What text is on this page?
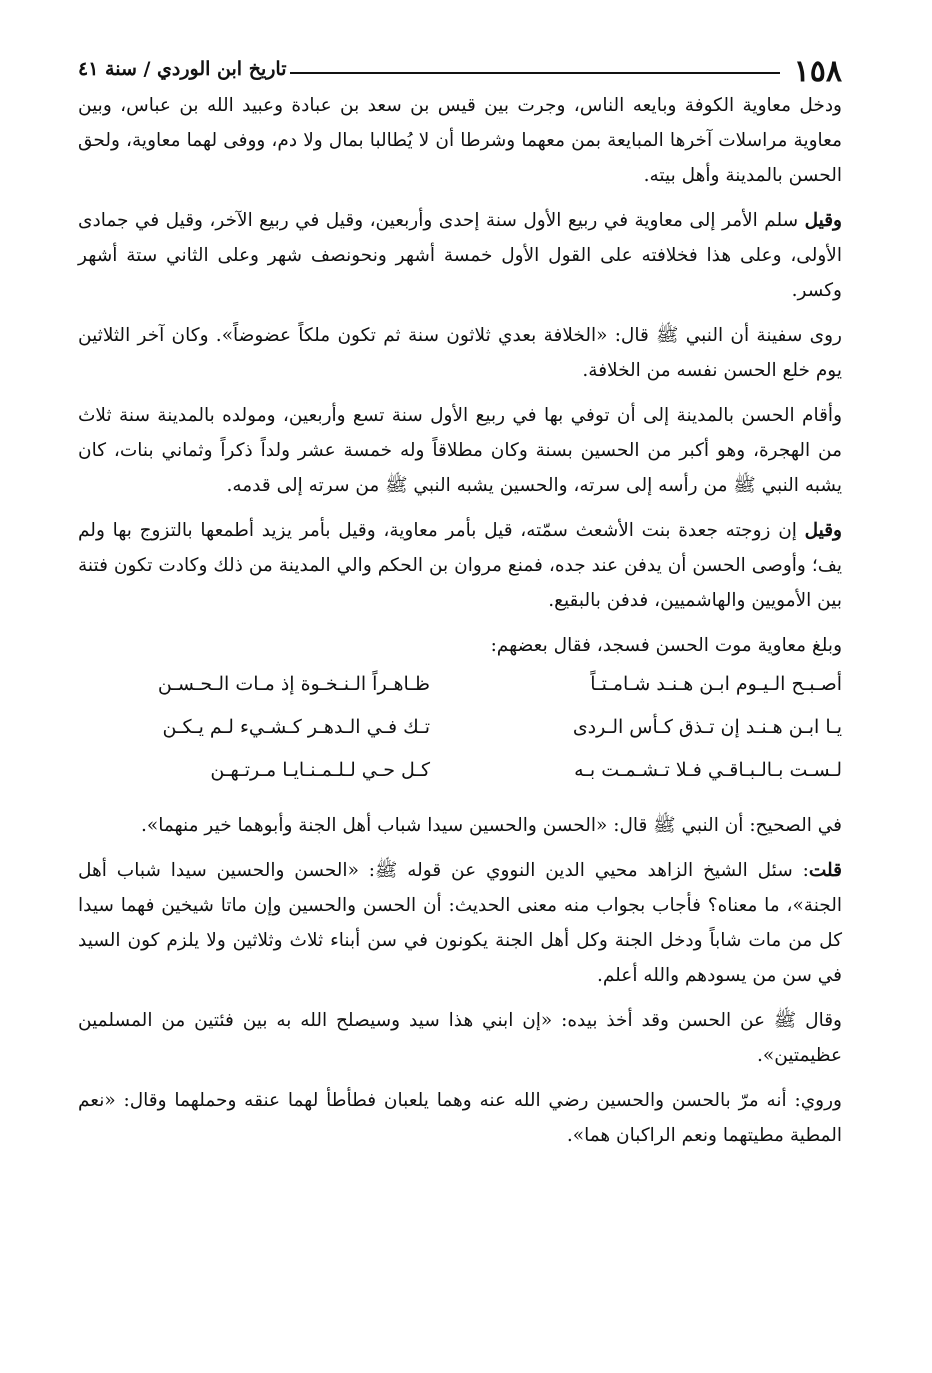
١٥٨
تاريخ ابن الوردي / سنة ٤١

ودخل معاوية الكوفة وبايعه الناس، وجرت بين قيس بن سعد بن عبادة وعبيد الله بن عباس، وبين معاوية مراسلات آخرها المبايعة بمن معهما وشرطا أن لا يُطالبا بمال ولا دم، ووفى لهما معاوية، ولحق الحسن بالمدينة وأهل بيته.

وقيل سلم الأمر إلى معاوية في ربيع الأول سنة إحدى وأربعين، وقيل في ربيع الآخر، وقيل في جمادى الأولى، وعلى هذا فخلافته على القول الأول خمسة أشهر ونحونصف شهر وعلى الثاني ستة أشهر وكسر.

روى سفينة أن النبي ﷺ قال: «الخلافة بعدي ثلاثون سنة ثم تكون ملكاً عضوضاً». وكان آخر الثلاثين يوم خلع الحسن نفسه من الخلافة.

وأقام الحسن بالمدينة إلى أن توفي بها في ربيع الأول سنة تسع وأربعين، ومولده بالمدينة سنة ثلاث من الهجرة، وهو أكبر من الحسين بسنة وكان مطلاقاً وله خمسة عشر ولداً ذكراً وثماني بنات، كان يشبه النبي ﷺ من رأسه إلى سرته، والحسين يشبه النبي ﷺ من سرته إلى قدمه.

وقيل إن زوجته جعدة بنت الأشعث سمّته، قيل بأمر معاوية، وقيل بأمر يزيد أطمعها بالتزوج بها ولم يف؛ وأوصى الحسن أن يدفن عند جده، فمنع مروان بن الحكم والي المدينة من ذلك وكادت تكون فتنة بين الأمويين والهاشميين، فدفن بالبقيع.

وبلغ معاوية موت الحسن فسجد، فقال بعضهم:

أصـبـح الـيـوم ابـن هـنـد شـامـتـاً
ظـاهـراً الـنـخـوة إذ مـات الـحـسـن
يـا ابـن هـنـد إن تـذق كـأس الـردى
تـك فـي الـدهـر كـشـيء لـم يـكـن
لـسـت بـالـبـاقـي فـلا تـشـمـت بـه
كـل حـي لـلـمـنـايـا مـرتـهـن

في الصحيح: أن النبي ﷺ قال: «الحسن والحسين سيدا شباب أهل الجنة وأبوهما خير منهما».

قلت: سئل الشيخ الزاهد محيي الدين النووي عن قوله ﷺ: «الحسن والحسين سيدا شباب أهل الجنة»، ما معناه؟ فأجاب بجواب منه معنى الحديث: أن الحسن والحسين وإن ماتا شيخين فهما سيدا كل من مات شاباً ودخل الجنة وكل أهل الجنة يكونون في سن أبناء ثلاث وثلاثين ولا يلزم كون السيد في سن من يسودهم والله أعلم.

وقال ﷺ عن الحسن وقد أخذ بيده: «إن ابني هذا سيد وسيصلح الله به بين فئتين من المسلمين عظيمتين».

وروي: أنه مرّ بالحسن والحسين رضي الله عنه وهما يلعبان فطأطأ لهما عنقه وحملهما وقال: «نعم المطية مطيتهما ونعم الراكبان هما».
